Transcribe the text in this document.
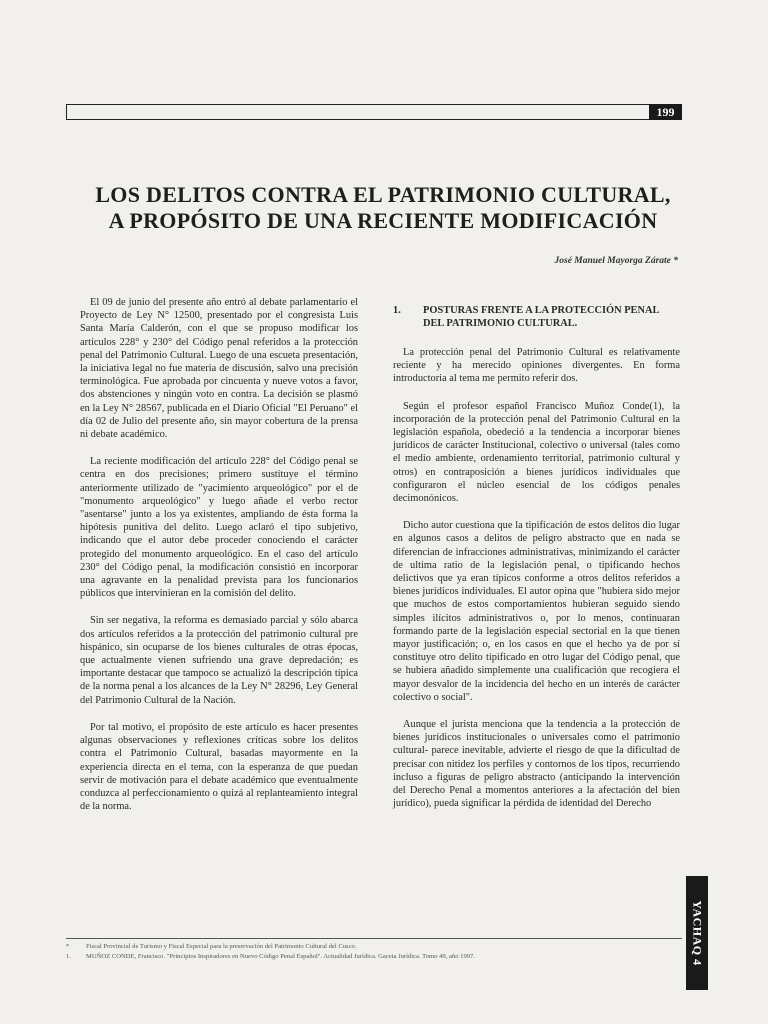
199
LOS DELITOS CONTRA EL PATRIMONIO CULTURAL,
A PROPÓSITO DE UNA RECIENTE MODIFICACIÓN
José Manuel Mayorga Zárate *

El 09 de junio del presente año entró al debate parlamentario el Proyecto de Ley N° 12500, presentado por el congresista Luis Santa María Calderón, con el que se propuso modificar los artículos 228° y 230° del Código penal referidos a la protección penal del Patrimonio Cultural. Luego de una escueta presentación, la iniciativa legal no fue materia de discusión, salvo una precisión terminológica. Fue aprobada por cincuenta y nueve votos a favor, dos abstenciones y ningún voto en contra. La decisión se plasmó en la Ley N° 28567, publicada en el Diario Oficial "El Peruano" el día 02 de Julio del presente año, sin mayor cobertura de la prensa ni debate académico.

La reciente modificación del artículo 228° del Código penal se centra en dos precisiones; primero sustituye el término anteriormente utilizado de "yacimiento arqueológico" por el de "monumento arqueológico" y luego añade el verbo rector "asentarse" junto a los ya existentes, ampliando de ésta forma la hipótesis punitiva del delito. Luego aclaró el tipo subjetivo, indicando que el autor debe proceder conociendo el carácter protegido del monumento arqueológico. En el caso del artículo 230° del Código penal, la modificación consistió en incorporar una agravante en la penalidad prevista para los funcionarios públicos que intervinieran en la comisión del delito.

Sin ser negativa, la reforma es demasiado parcial y sólo abarca dos artículos referidos a la protección del patrimonio cultural pre hispánico, sin ocuparse de los bienes culturales de otras épocas, que actualmente vienen sufriendo una grave depredación; es importante destacar que tampoco se actualizó la descripción típica de la norma penal a los alcances de la Ley N° 28296, Ley General del Patrimonio Cultural de la Nación.

Por tal motivo, el propósito de este artículo es hacer presentes algunas observaciones y reflexiones críticas sobre los delitos contra el Patrimonio Cultural, basadas mayormente en la experiencia directa en el tema, con la esperanza de que puedan servir de motivación para el debate académico que eventualmente conduzca al perfeccionamiento o quizá al replanteamiento integral de la norma.

1.	POSTURAS FRENTE A LA PROTECCIÓN PENAL DEL PATRIMONIO CULTURAL.

La protección penal del Patrimonio Cultural es relativamente reciente y ha merecido opiniones divergentes. En forma introductoria al tema me permito referir dos.

Según el profesor español Francisco Muñoz Conde(1), la incorporación de la protección penal del Patrimonio Cultural en la legislación española, obedeció a la tendencia a incorporar bienes jurídicos de carácter Institucional, colectivo o universal (tales como el medio ambiente, ordenamiento territorial, patrimonio cultural y otros) en contraposición a bienes jurídicos individuales que configuraron el núcleo esencial de los códigos penales decimonónicos.

Dicho autor cuestiona que la tipificación de estos delitos dio lugar en algunos casos a delitos de peligro abstracto que en nada se diferencian de infracciones administrativas, minimizando el carácter de ultima ratio de la legislación penal, o tipificando hechos delictivos que ya eran típicos conforme a otros delitos referidos a bienes jurídicos individuales. El autor opina que "hubiera sido mejor que muchos de estos comportamientos hubieran seguido siendo simples ilícitos administrativos o, por lo menos, continuaran formando parte de la legislación especial sectorial en la que tienen mayor justificación; o, en los casos en que el hecho ya de por sí constituye otro delito tipificado en otro lugar del Código penal, que se hubiera añadido simplemente una cualificación que recogiera el mayor desvalor de la incidencia del hecho en un interés de carácter colectivo o social".

Aunque el jurista menciona que la tendencia a la protección de bienes jurídicos institucionales o universales como el patrimonio cultural- parece inevitable, advierte el riesgo de que la dificultad de precisar con nitidez los perfiles y contornos de los tipos, recurriendo incluso a figuras de peligro abstracto (anticipando la intervención del Derecho Penal a momentos anteriores a la afectación del bien jurídico), pueda significar la pérdida de identidad del Derecho

*	Fiscal Provincial de Turismo y Fiscal Especial para la preservación del Patrimonio Cultural del Cusco.
1.	MUÑOZ CONDE, Francisco. "Principios Inspiradores en Nuevo Código Penal Español". Actualidad Jurídica. Gaceta Jurídica. Tomo 49, año 1997.	YACHAQ 4
